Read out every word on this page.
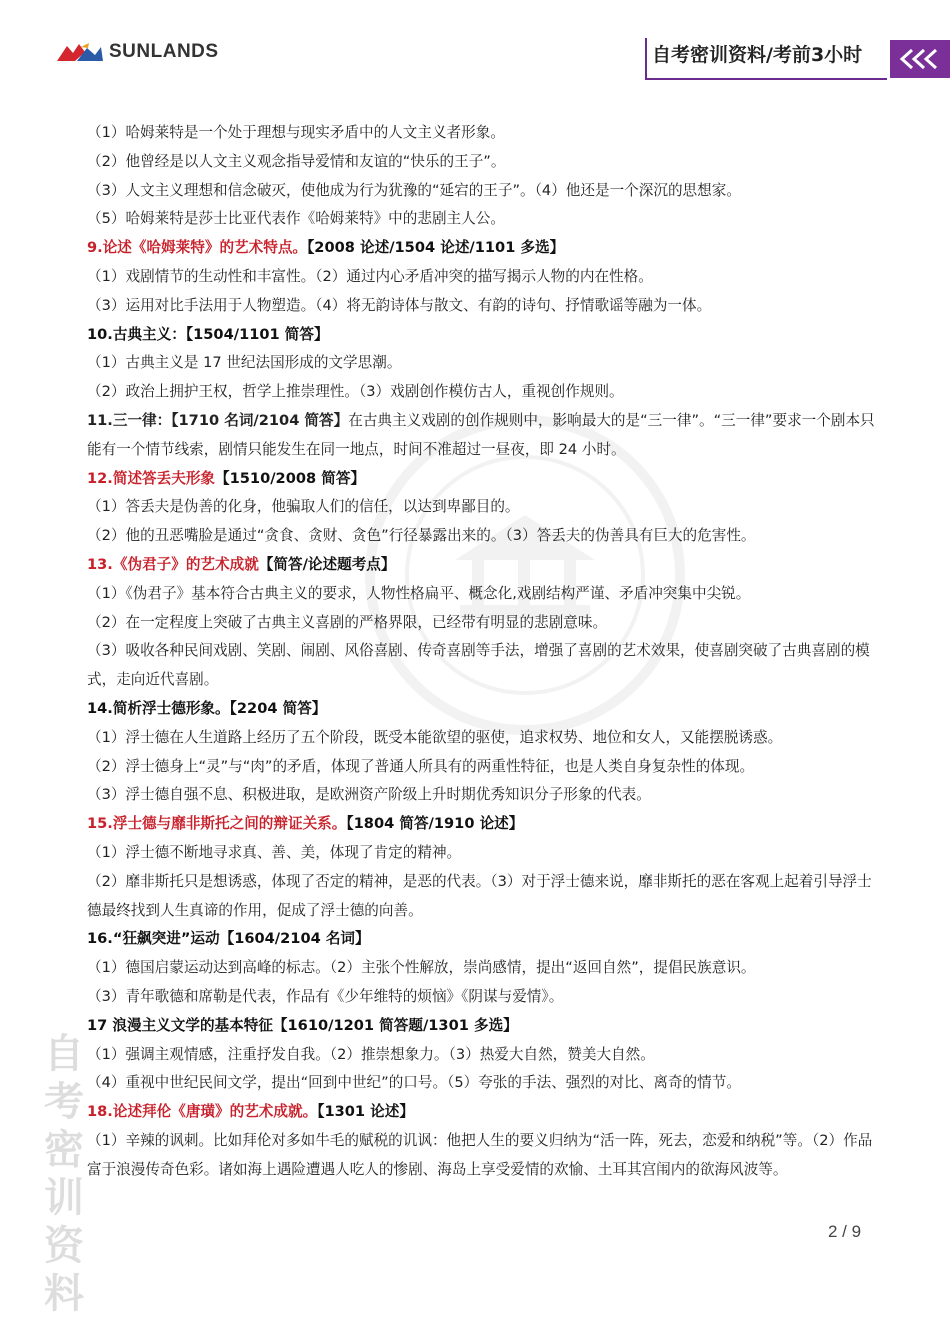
SUNLANDS	自考密训资料/考前3小时
自考密训资料

（1）哈姆莱特是一个处于理想与现实矛盾中的人文主义者形象。

（2）他曾经是以人文主义观念指导爱情和友谊的“快乐的王子”。

（3）人文主义理想和信念破灭，使他成为行为犹豫的“延宕的王子”。（4）他还是一个深沉的思想家。

（5）哈姆莱特是莎士比亚代表作《哈姆莱特》中的悲剧主人公。

9.论述《哈姆莱特》的艺术特点。【2008 论述/1504 论述/1101 多选】

（1）戏剧情节的生动性和丰富性。（2）通过内心矛盾冲突的描写揭示人物的内在性格。

（3）运用对比手法用于人物塑造。（4）将无韵诗体与散文、有韵的诗句、抒情歌谣等融为一体。

10.古典主义：【1504/1101 简答】

（1）古典主义是 17 世纪法国形成的文学思潮。

（2）政治上拥护王权，哲学上推崇理性。（3）戏剧创作模仿古人，重视创作规则。

11.三一律：【1710 名词/2104 简答】在古典主义戏剧的创作规则中，影响最大的是“三一律”。“三一律”要求一个剧本只能有一个情节线索，剧情只能发生在同一地点，时间不准超过一昼夜，即 24 小时。

12.简述答丢夫形象【1510/2008 简答】

（1）答丢夫是伪善的化身，他骗取人们的信任，以达到卑鄙目的。

（2）他的丑恶嘴脸是通过“贪食、贪财、贪色”行径暴露出来的。（3）答丢夫的伪善具有巨大的危害性。

13.《伪君子》的艺术成就【简答/论述题考点】

（1）《伪君子》基本符合古典主义的要求，人物性格扁平、概念化,戏剧结构严谨、矛盾冲突集中尖锐。

（2）在一定程度上突破了古典主义喜剧的严格界限，已经带有明显的悲剧意味。

（3）吸收各种民间戏剧、笑剧、闹剧、风俗喜剧、传奇喜剧等手法，增强了喜剧的艺术效果，使喜剧突破了古典喜剧的模式，走向近代喜剧。

14.简析浮士德形象。【2204 简答】

（1）浮士德在人生道路上经历了五个阶段，既受本能欲望的驱使，追求权势、地位和女人，又能摆脱诱惑。

（2）浮士德身上“灵”与“肉”的矛盾，体现了普通人所具有的两重性特征，也是人类自身复杂性的体现。

（3）浮士德自强不息、积极进取，是欧洲资产阶级上升时期优秀知识分子形象的代表。

15.浮士德与靡非斯托之间的辩证关系。【1804 简答/1910 论述】

（1）浮士德不断地寻求真、善、美，体现了肯定的精神。

（2）靡非斯托只是想诱惑，体现了否定的精神，是恶的代表。（3）对于浮士德来说，靡非斯托的恶在客观上起着引导浮士德最终找到人生真谛的作用，促成了浮士德的向善。

16.“狂飙突进”运动【1604/2104 名词】

（1）德国启蒙运动达到高峰的标志。（2）主张个性解放，崇尚感情，提出“返回自然”，提倡民族意识。

（3）青年歌德和席勒是代表，作品有《少年维特的烦恼》《阴谋与爱情》。

17 浪漫主义文学的基本特征【1610/1201 简答题/1301 多选】

（1）强调主观情感，注重抒发自我。（2）推崇想象力。（3）热爱大自然，赞美大自然。

（4）重视中世纪民间文学，提出“回到中世纪”的口号。（5）夸张的手法、强烈的对比、离奇的情节。

18.论述拜伦《唐璜》的艺术成就。【1301 论述】

（1）辛辣的讽刺。比如拜伦对多如牛毛的赋税的讥讽：他把人生的要义归纳为“活一阵，死去，恋爱和纳税”等。（2）作品富于浪漫传奇色彩。诸如海上遇险遭遇人吃人的惨剧、海岛上享受爱情的欢愉、土耳其宫闱内的欲海风波等。

2 / 9
